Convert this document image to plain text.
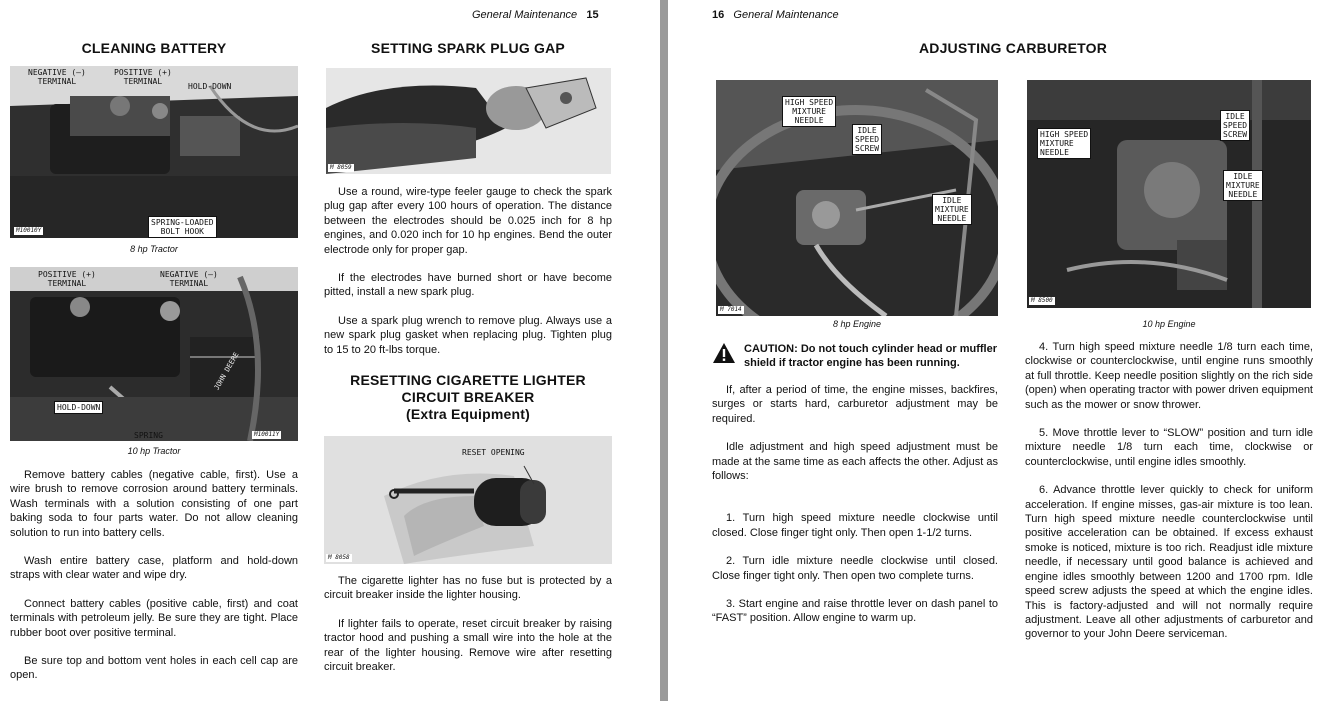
General Maintenance 15
CLEANING BATTERY
NEGATIVE (–)
TERMINAL
POSITIVE (+)
TERMINAL
HOLD-DOWN
SPRING-LOADED
BOLT HOOK
M10010Y
8 hp Tractor
POSITIVE (+)
TERMINAL
NEGATIVE (–)
TERMINAL
HOLD-DOWN
SPRING
JOHN DEERE
M10011Y
10 hp Tractor

Remove battery cables (negative cable, first). Use a wire brush to remove corrosion around battery terminals. Wash terminals with a solution consisting of one part baking soda to four parts water. Do not allow cleaning solution to run into battery cells.

Wash entire battery case, platform and hold-down straps with clear water and wipe dry.

Connect battery cables (positive cable, first) and coat terminals with petroleum jelly. Be sure they are tight. Place rubber boot over positive terminal.

Be sure top and bottom vent holes in each cell cap are open.

SETTING SPARK PLUG GAP
M 8059

Use a round, wire-type feeler gauge to check the spark plug gap after every 100 hours of operation. The distance between the electrodes should be 0.025 inch for 8 hp engines, and 0.020 inch for 10 hp engines. Bend the outer electrode only for proper gap.

If the electrodes have burned short or have become pitted, install a new spark plug.

Use a spark plug wrench to remove plug. Always use a new spark plug gasket when replacing plug. Tighten plug to 15 to 20 ft-lbs torque.

RESETTING CIGARETTE LIGHTER
CIRCUIT BREAKER
(Extra Equipment)
RESET OPENING
M 8058

The cigarette lighter has no fuse but is protected by a circuit breaker inside the lighter housing.

If lighter fails to operate, reset circuit breaker by raising tractor hood and pushing a small wire into the hole at the rear of the lighter housing. Remove wire after resetting circuit breaker.

16 General Maintenance
ADJUSTING CARBURETOR
HIGH SPEED
MIXTURE
NEEDLE
IDLE
SPEED
SCREW
IDLE
MIXTURE
NEEDLE
M 7014
8 hp Engine
HIGH SPEED
MIXTURE
NEEDLE
IDLE
SPEED
SCREW
IDLE
MIXTURE
NEEDLE
M 8500
10 hp Engine
CAUTION: Do not touch cylinder head or muffler shield if tractor engine has been running.

If, after a period of time, the engine misses, backfires, surges or starts hard, carburetor adjustment may be required.

Idle adjustment and high speed adjustment must be made at the same time as each affects the other. Adjust as follows:

1. Turn high speed mixture needle clockwise until closed. Close finger tight only. Then open 1-1/2 turns.

2. Turn idle mixture needle clockwise until closed. Close finger tight only. Then open two complete turns.

3. Start engine and raise throttle lever on dash panel to “FAST” position. Allow engine to warm up.

4. Turn high speed mixture needle 1/8 turn each time, clockwise or counterclockwise, until engine runs smoothly at full throttle. Keep needle position slightly on the rich side (open) when operating tractor with power driven equipment such as the mower or snow thrower.

5. Move throttle lever to “SLOW” position and turn idle mixture needle 1/8 turn each time, clockwise or counterclockwise, until engine idles smoothly.

6. Advance throttle lever quickly to check for uniform acceleration. If engine misses, gas-air mixture is too lean. Turn high speed mixture needle counterclockwise until positive acceleration can be obtained. If excess exhaust smoke is noticed, mixture is too rich. Readjust idle mixture needle, if necessary until good balance is achieved and engine idles smoothly between 1200 and 1700 rpm. Idle speed screw adjusts the speed at which the engine idles. This is factory-adjusted and will not normally require adjustment. Leave all other adjustments of carburetor and governor to your John Deere serviceman.
